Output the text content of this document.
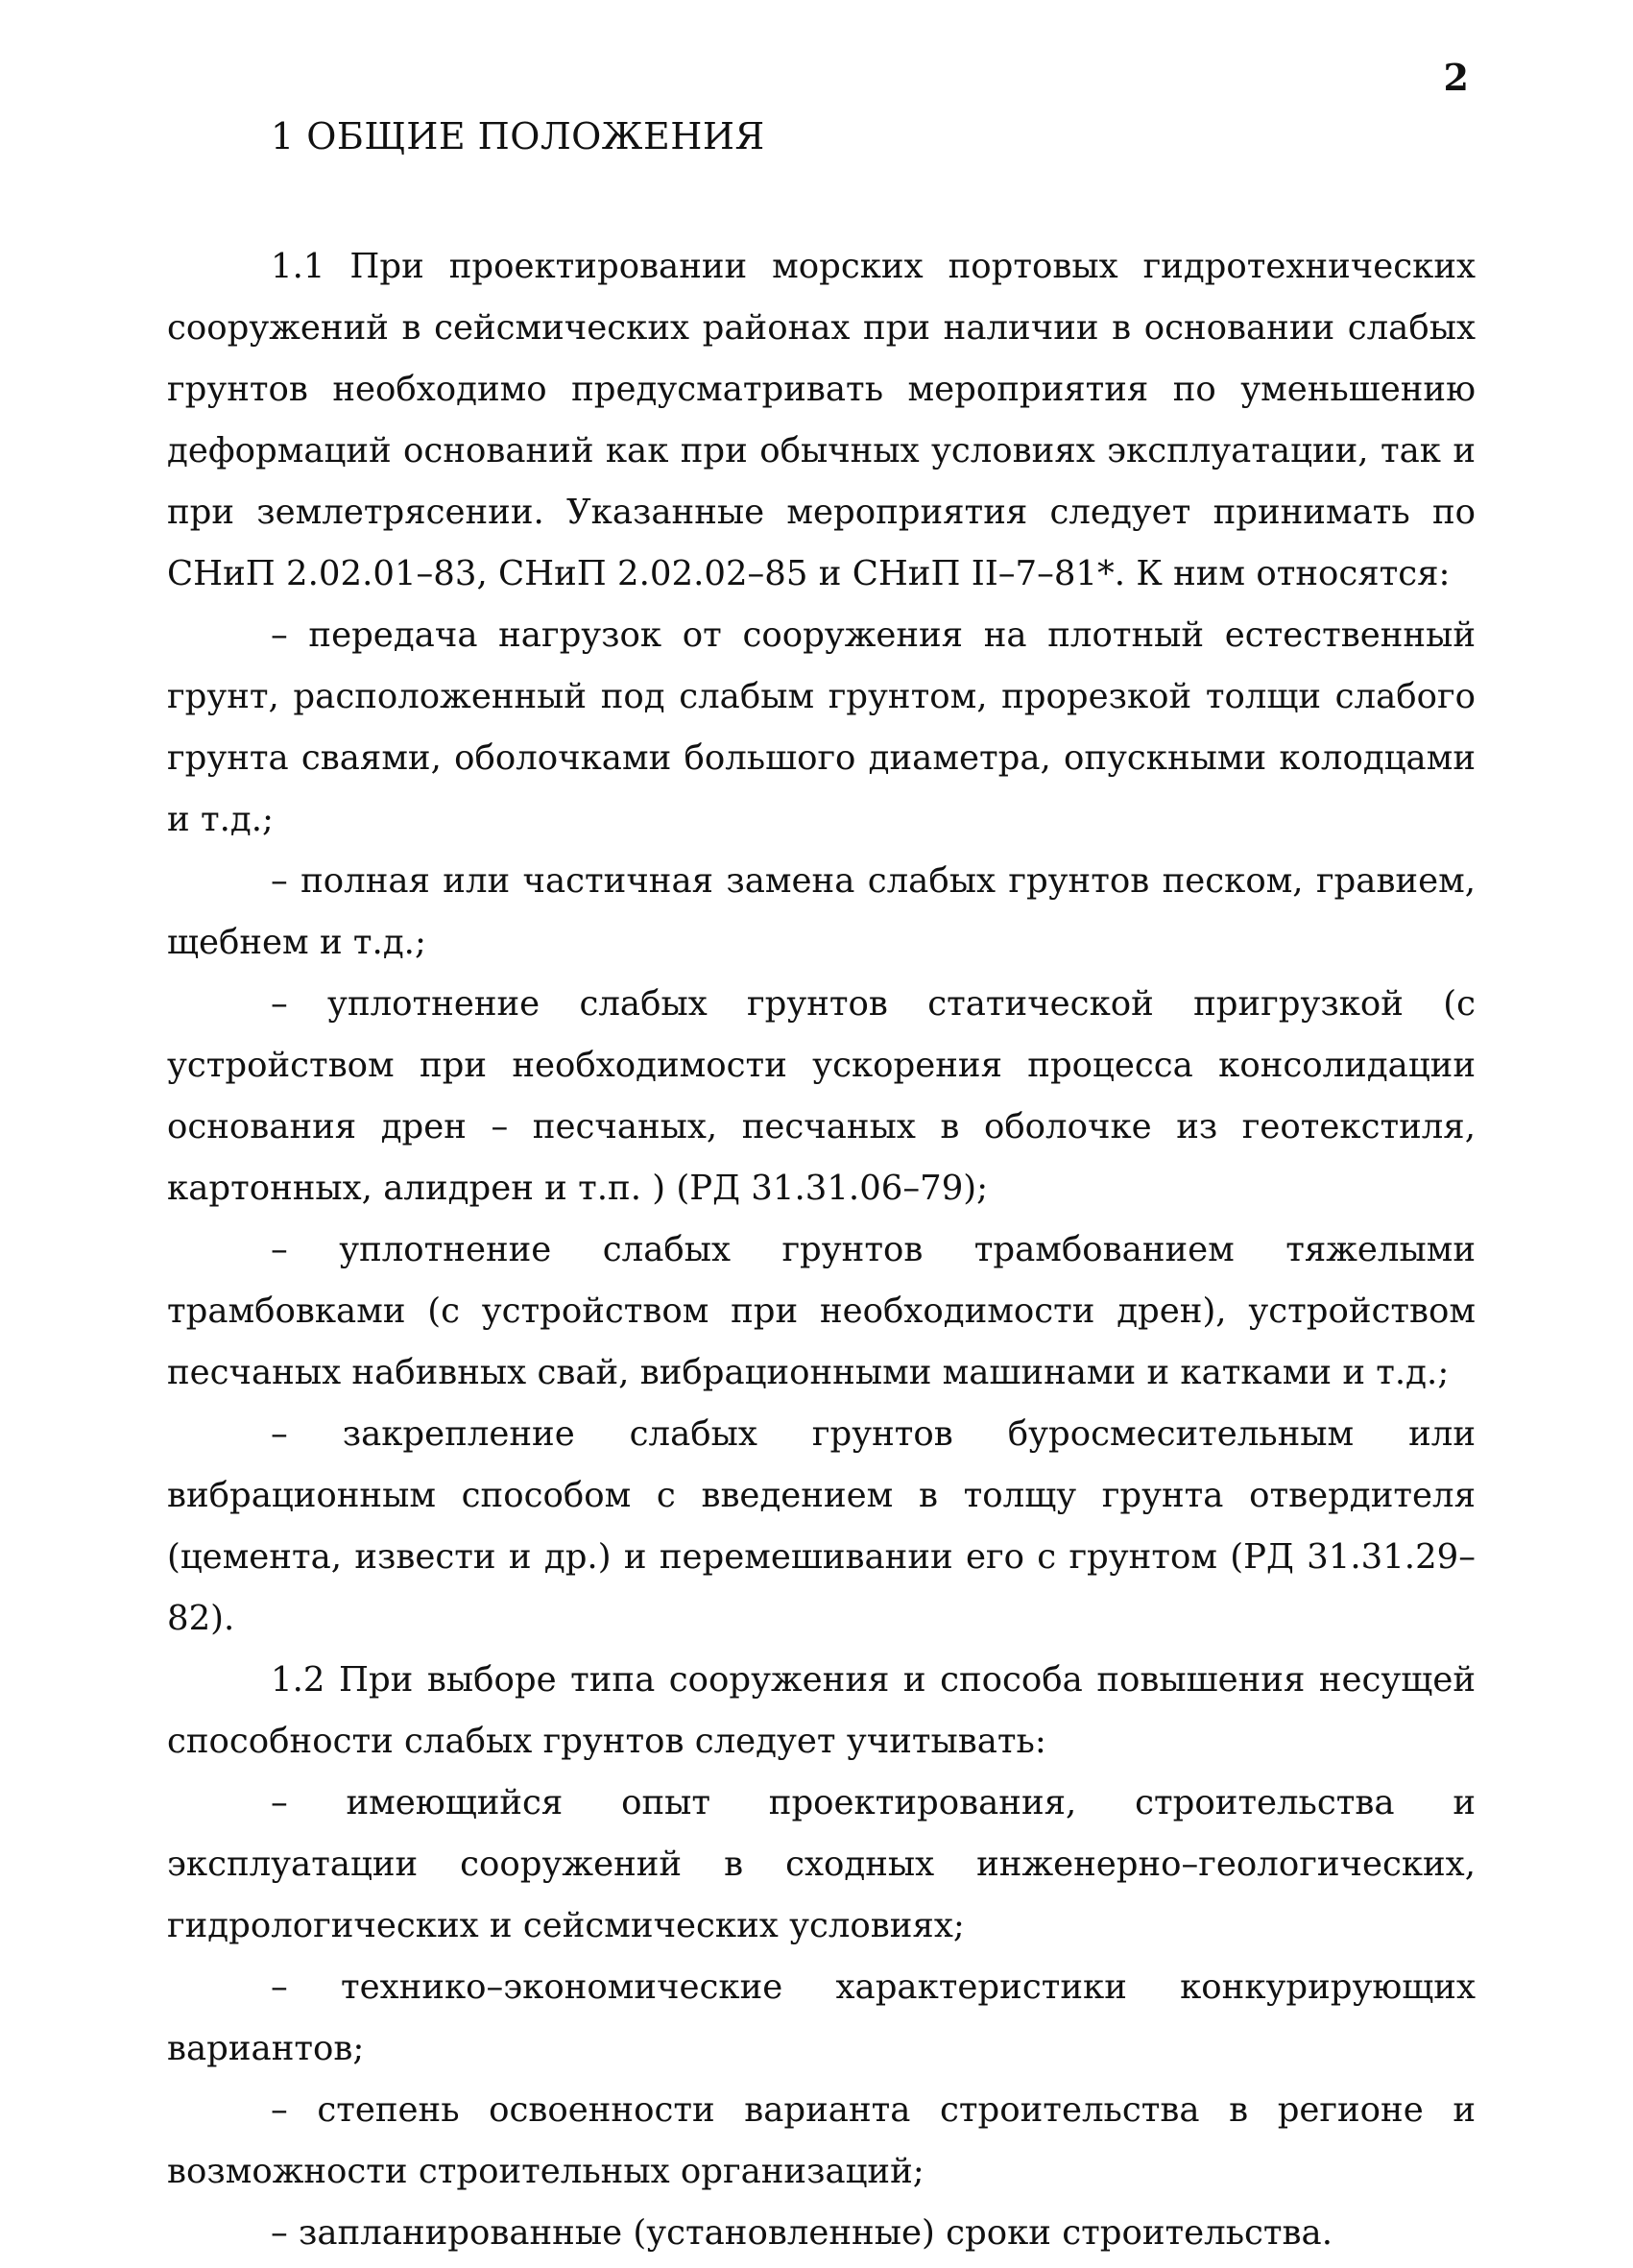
2
1 ОБЩИЕ ПОЛОЖЕНИЯ

1.1 При проектировании морских портовых гидротехнических сооружений в сейсмических районах при наличии в основании слабых грунтов необходимо предусматривать мероприятия по уменьшению деформаций оснований как при обычных условиях эксплуатации, так и при землетрясении. Указанные мероприятия следует принимать по СНиП 2.02.01–83, СНиП 2.02.02–85 и СНиП II–7–81*. К ним относятся:

– передача нагрузок от сооружения на плотный естественный грунт, расположенный под слабым грунтом, прорезкой толщи слабого грунта сваями, оболочками большого диаметра, опускными колодцами и т.д.;

– полная или частичная замена слабых грунтов песком, гравием, щебнем и т.д.;

– уплотнение слабых грунтов статической пригрузкой (с устройством при необходимости ускорения процесса консолидации основания дрен – песчаных, песчаных в оболочке из геотекстиля, картонных, алидрен и т.п. ) (РД 31.31.06–79);

– уплотнение слабых грунтов трамбованием тяжелыми трамбовками (с устройством при необходимости дрен), устройством песчаных набивных свай, вибрационными машинами и катками и т.д.;

– закрепление слабых грунтов буросмесительным или вибрационным способом с введением в толщу грунта отвердителя (цемента, извести и др.) и перемешивании его с грунтом (РД 31.31.29–82).

1.2 При выборе типа сооружения и способа повышения несущей способности слабых грунтов следует учитывать:

– имеющийся опыт проектирования, строительства и эксплуатации сооружений в сходных инженерно–геологических, гидрологических и сейсмических условиях;

– технико–экономические характеристики конкурирующих вариантов;

– степень освоенности варианта строительства в регионе и возможности строительных организаций;

– запланированные (установленные) сроки строительства.
